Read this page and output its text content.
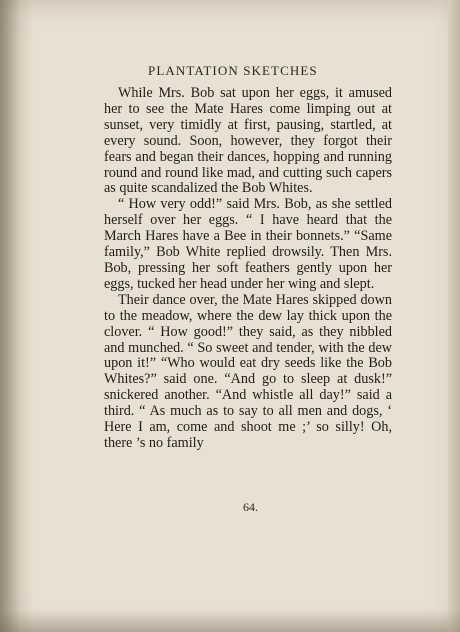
PLANTATION SKETCHES

While Mrs. Bob sat upon her eggs, it amused her to see the Mate Hares come limping out at sunset, very timidly at first, pausing, startled, at every sound. Soon, however, they forgot their fears and began their dances, hopping and running round and round like mad, and cutting such capers as quite scandalized the Bob Whites.

“ How very odd!” said Mrs. Bob, as she settled herself over her eggs. “ I have heard that the March Hares have a Bee in their bonnets.” “Same family,” Bob White replied drowsily. Then Mrs. Bob, pressing her soft feathers gently upon her eggs, tucked her head under her wing and slept.

Their dance over, the Mate Hares skipped down to the meadow, where the dew lay thick upon the clover. “ How good!” they said, as they nibbled and munched. “ So sweet and tender, with the dew upon it!” “Who would eat dry seeds like the Bob Whites?” said one. “And go to sleep at dusk!” snickered another. “And whistle all day!” said a third. “ As much as to say to all men and dogs, ‘ Here I am, come and shoot me ;’ so silly! Oh, there ’s no family

64.
